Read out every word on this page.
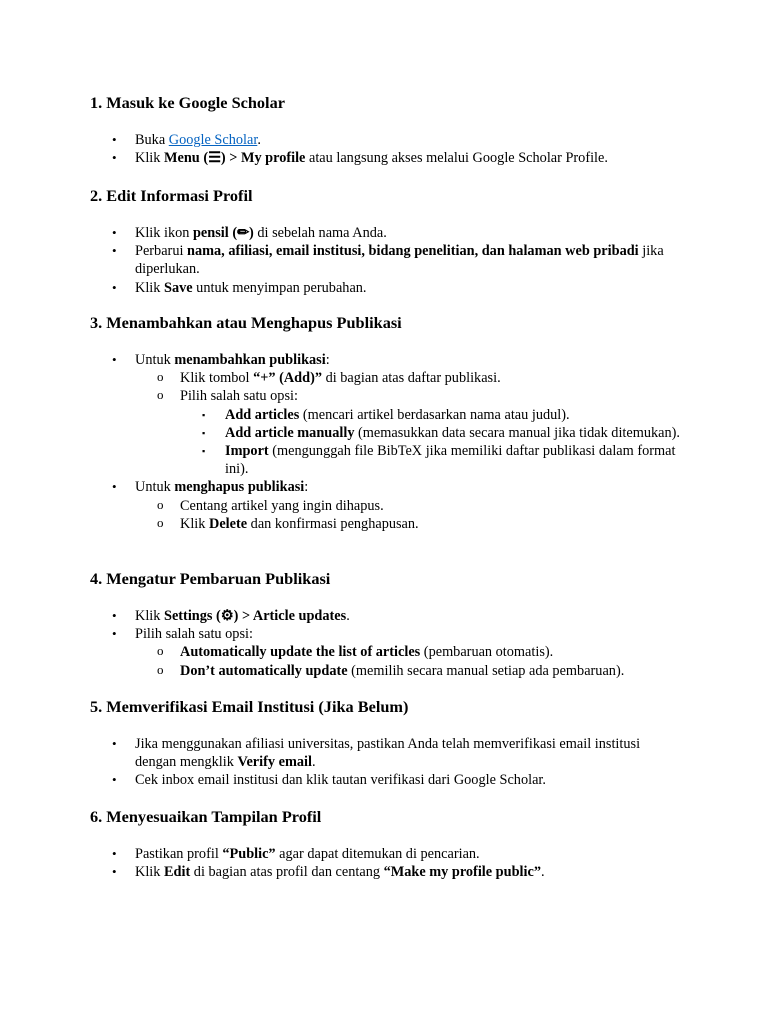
1. Masuk ke Google Scholar
• Buka Google Scholar.
• Klik Menu (☰) > My profile atau langsung akses melalui Google Scholar Profile.
2. Edit Informasi Profil
• Klik ikon pensil (✏) di sebelah nama Anda.
• Perbarui nama, afiliasi, email institusi, bidang penelitian, dan halaman web pribadi jika diperlukan.
• Klik Save untuk menyimpan perubahan.
3. Menambahkan atau Menghapus Publikasi
• Untuk menambahkan publikasi:
o Klik tombol “+” (Add)” di bagian atas daftar publikasi.
o Pilih salah satu opsi:
▪ Add articles (mencari artikel berdasarkan nama atau judul).
▪ Add article manually (memasukkan data secara manual jika tidak ditemukan).
▪ Import (mengunggah file BibTeX jika memiliki daftar publikasi dalam format ini).
• Untuk menghapus publikasi:
o Centang artikel yang ingin dihapus.
o Klik Delete dan konfirmasi penghapusan.
4. Mengatur Pembaruan Publikasi
• Klik Settings (⚙) > Article updates.
• Pilih salah satu opsi:
o Automatically update the list of articles (pembaruan otomatis).
o Don’t automatically update (memilih secara manual setiap ada pembaruan).
5. Memverifikasi Email Institusi (Jika Belum)
• Jika menggunakan afiliasi universitas, pastikan Anda telah memverifikasi email institusi dengan mengklik Verify email.
• Cek inbox email institusi dan klik tautan verifikasi dari Google Scholar.
6. Menyesuaikan Tampilan Profil
• Pastikan profil “Public” agar dapat ditemukan di pencarian.
• Klik Edit di bagian atas profil dan centang “Make my profile public”.
